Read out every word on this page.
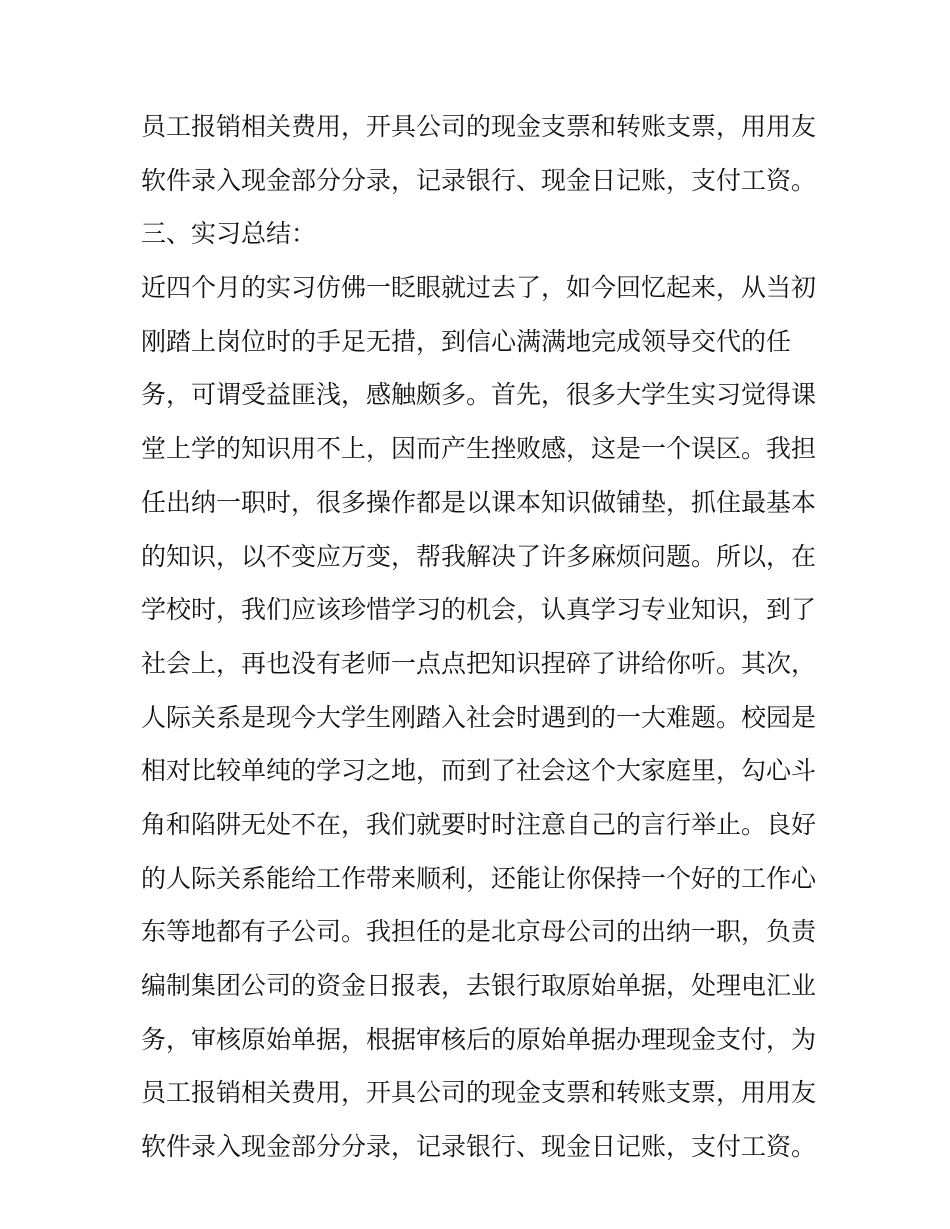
员工报销相关费用，开具公司的现金支票和转账支票，用用友
软件录入现金部分分录，记录银行、现金日记账，支付工资。
三、实习总结：
近四个月的实习仿佛一眨眼就过去了，如今回忆起来，从当初
刚踏上岗位时的手足无措，到信心满满地完成领导交代的任
务，可谓受益匪浅，感触颇多。首先，很多大学生实习觉得课
堂上学的知识用不上，因而产生挫败感，这是一个误区。我担
任出纳一职时，很多操作都是以课本知识做铺垫，抓住最基本
的知识，以不变应万变，帮我解决了许多麻烦问题。所以，在
学校时，我们应该珍惜学习的机会，认真学习专业知识，到了
社会上，再也没有老师一点点把知识捏碎了讲给你听。其次，
人际关系是现今大学生刚踏入社会时遇到的一大难题。校园是
相对比较单纯的学习之地，而到了社会这个大家庭里，勾心斗
角和陷阱无处不在，我们就要时时注意自己的言行举止。良好
的人际关系能给工作带来顺利，还能让你保持一个好的工作心
东等地都有子公司。我担任的是北京母公司的出纳一职，负责
编制集团公司的资金日报表，去银行取原始单据，处理电汇业
务，审核原始单据，根据审核后的原始单据办理现金支付，为
员工报销相关费用，开具公司的现金支票和转账支票，用用友
软件录入现金部分分录，记录银行、现金日记账，支付工资。
